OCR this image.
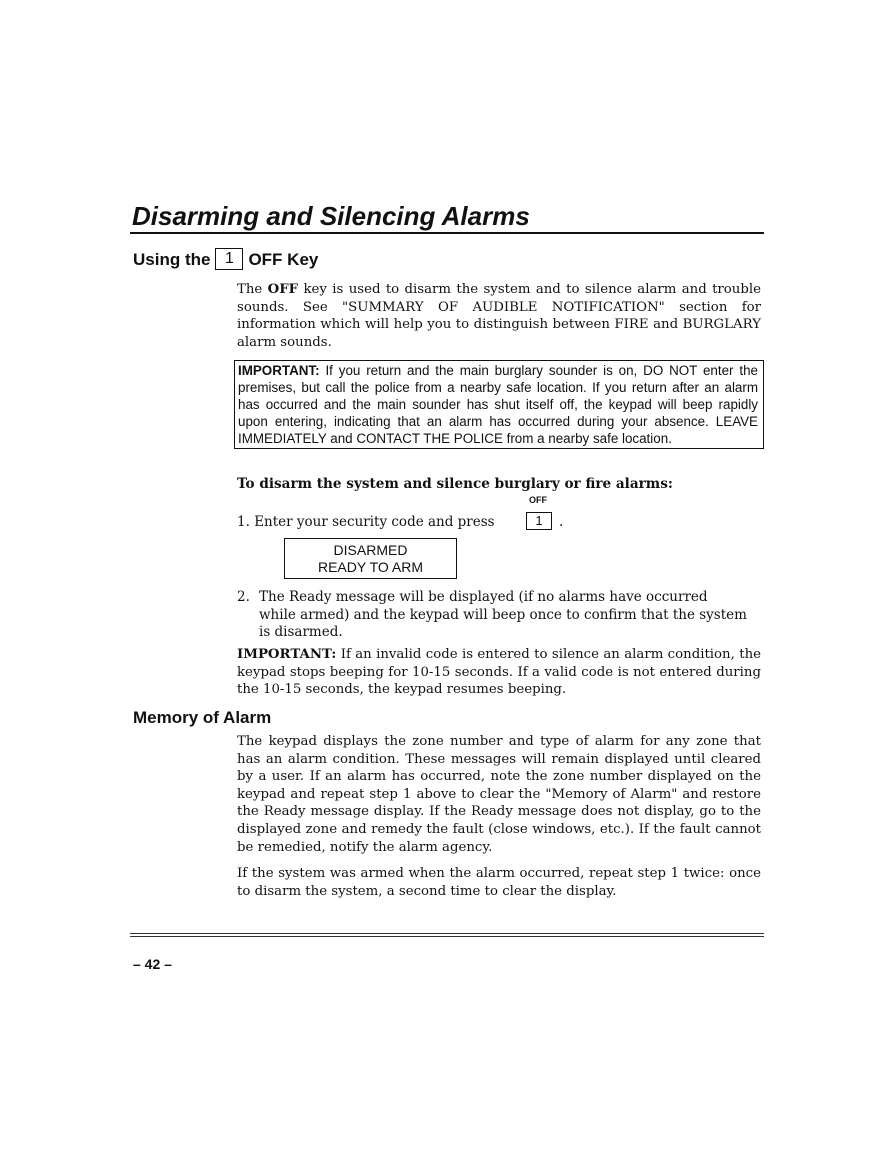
Disarming and Silencing Alarms
Using the 1 OFF Key

The OFF key is used to disarm the system and to silence alarm and trouble sounds. See "SUMMARY OF AUDIBLE NOTIFICATION" section for information which will help you to distinguish between FIRE and BURGLARY alarm sounds.

IMPORTANT: If you return and the main burglary sounder is on, DO NOT enter the premises, but call the police from a nearby safe location. If you return after an alarm has occurred and the main sounder has shut itself off, the keypad will beep rapidly upon entering, indicating that an alarm has occurred during your absence. LEAVE IMMEDIATELY and CONTACT THE POLICE from a nearby safe location.

To disarm the system and silence burglary or fire alarms:

OFF
1. Enter your security code and press	1	.
DISARMED
READY TO ARM
2. The Ready message will be displayed (if no alarms have occurred while armed) and the keypad will beep once to confirm that the system is disarmed.

IMPORTANT: If an invalid code is entered to silence an alarm condition, the keypad stops beeping for 10-15 seconds. If a valid code is not entered during the 10-15 seconds, the keypad resumes beeping.

Memory of Alarm

The keypad displays the zone number and type of alarm for any zone that has an alarm condition. These messages will remain displayed until cleared by a user. If an alarm has occurred, note the zone number displayed on the keypad and repeat step 1 above to clear the "Memory of Alarm" and restore the Ready message display. If the Ready message does not display, go to the displayed zone and remedy the fault (close windows, etc.). If the fault cannot be remedied, notify the alarm agency.

If the system was armed when the alarm occurred, repeat step 1 twice: once to disarm the system, a second time to clear the display.

– 42 –
